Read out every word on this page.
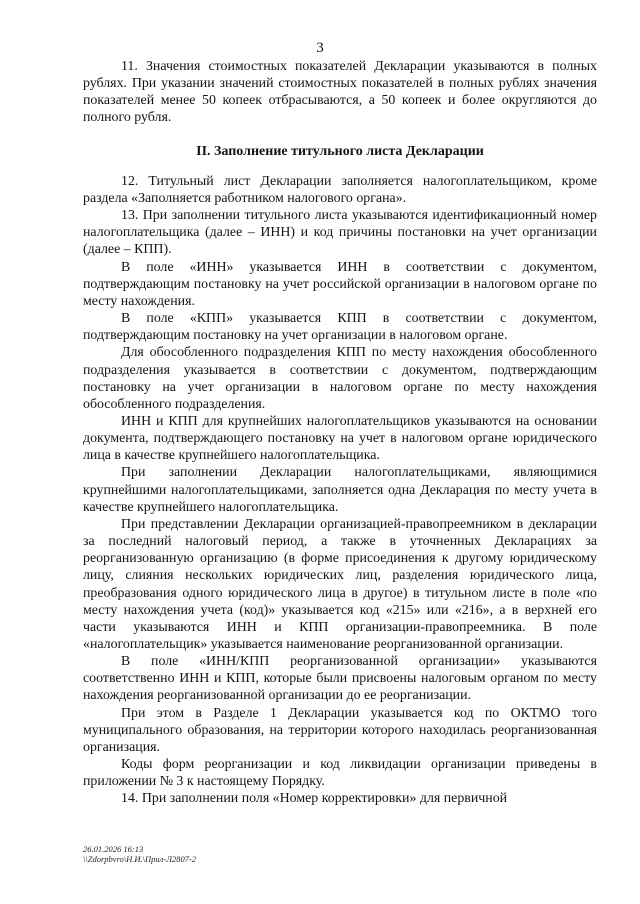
3

11. Значения стоимостных показателей Декларации указываются в полных рублях. При указании значений стоимостных показателей в полных рублях значения показателей менее 50 копеек отбрасываются, а 50 копеек и более округляются до полного рубля.

II. Заполнение титульного листа Декларации

12. Титульный лист Декларации заполняется налогоплательщиком, кроме раздела «Заполняется работником налогового органа».

13. При заполнении титульного листа указываются идентификационный номер налогоплательщика (далее – ИНН) и код причины постановки на учет организации (далее – КПП).

В поле «ИНН» указывается ИНН в соответствии с документом, подтверждающим постановку на учет российской организации в налоговом органе по месту нахождения.

В поле «КПП» указывается КПП в соответствии с документом, подтверждающим постановку на учет организации в налоговом органе.

Для обособленного подразделения КПП по месту нахождения обособленного подразделения указывается в соответствии с документом, подтверждающим постановку на учет организации в налоговом органе по месту нахождения обособленного подразделения.

ИНН и КПП для крупнейших налогоплательщиков указываются на основании документа, подтверждающего постановку на учет в налоговом органе юридического лица в качестве крупнейшего налогоплательщика.

При заполнении Декларации налогоплательщиками, являющимися крупнейшими налогоплательщиками, заполняется одна Декларация по месту учета в качестве крупнейшего налогоплательщика.

При представлении Декларации организацией-правопреемником в декларации за последний налоговый период, а также в уточненных Декларациях за реорганизованную организацию (в форме присоединения к другому юридическому лицу, слияния нескольких юридических лиц, разделения юридического лица, преобразования одного юридического лица в другое) в титульном листе в поле «по месту нахождения учета (код)» указывается код «215» или «216», а в верхней его части указываются ИНН и КПП организации-правопреемника. В поле «налогоплательщик» указывается наименование реорганизованной организации.

В поле «ИНН/КПП реорганизованной организации» указываются соответственно ИНН и КПП, которые были присвоены налоговым органом по месту нахождения реорганизованной организации до ее реорганизации.

При этом в Разделе 1 Декларации указывается код по ОКТМО того муниципального образования, на территории которого находилась реорганизованная организация.

Коды форм реорганизации и код ликвидации организации приведены в приложении № 3 к настоящему Порядку.

14. При заполнении поля «Номер корректировки» для первичной

26.01.2026 16:13
\\Zdorpbvro\Н.И.\Прил-Л2807-2
